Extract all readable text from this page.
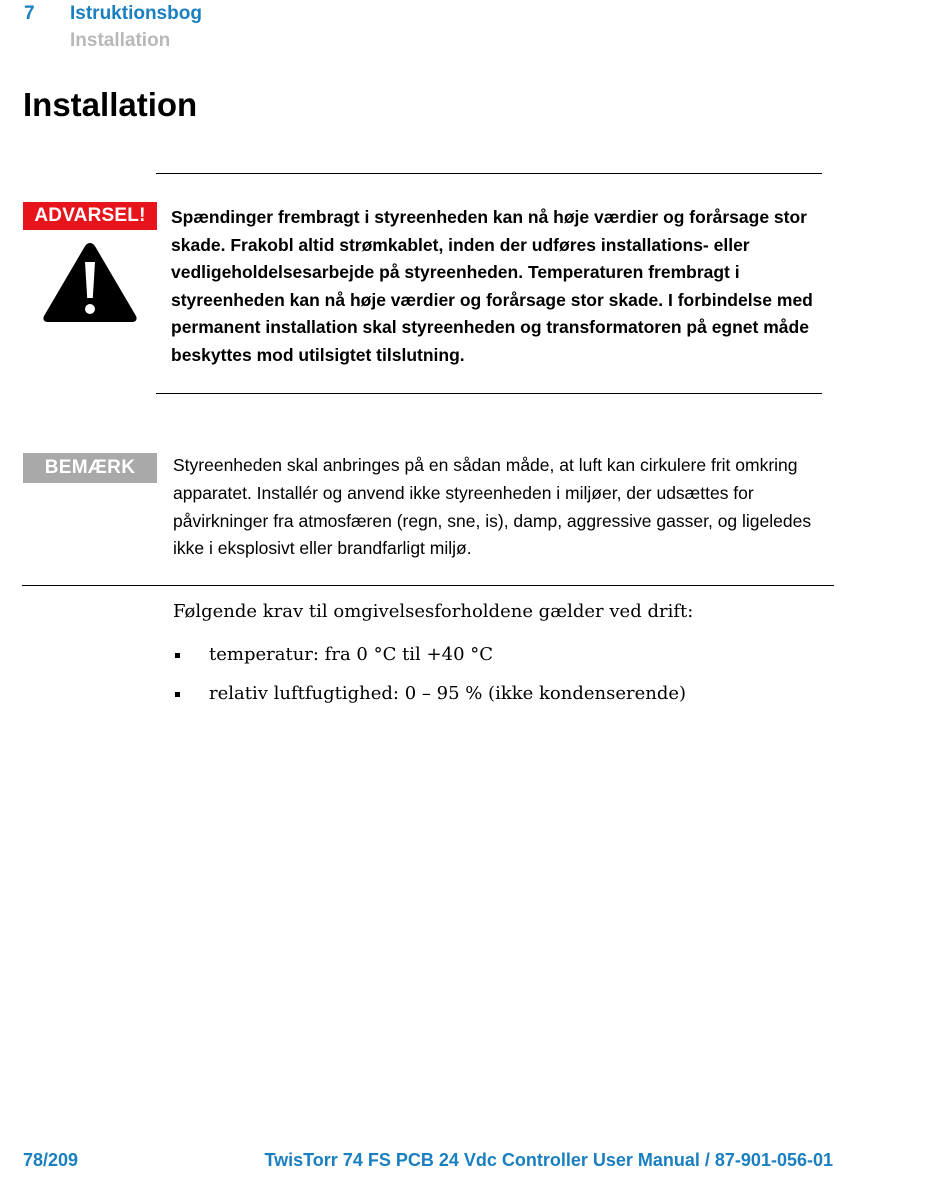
7 Istruktionsbog
Installation
Installation
ADVARSEL!	Spændinger frembragt i styreenheden kan nå høje værdier og forårsage stor skade. Frakobl altid strømkablet, inden der udføres installations- eller vedligeholdelsesarbejde på styreenheden. Temperaturen frembragt i styreenheden kan nå høje værdier og forårsage stor skade. I forbindelse med permanent installation skal styreenheden og transformatoren på egnet måde beskyttes mod utilsigtet tilslutning.

BEMÆRK	Styreenheden skal anbringes på en sådan måde, at luft kan cirkulere frit omkring apparatet. Installér og anvend ikke styreenheden i miljøer, der udsættes for påvirkninger fra atmosfæren (regn, sne, is), damp, aggressive gasser, og ligeledes ikke i eksplosivt eller brandfarligt miljø.

Følgende krav til omgivelsesforholdene gælder ved drift:

temperatur: fra 0 °C til +40 °C
relativ luftfugtighed: 0 – 95 % (ikke kondenserende)
78/209	TwisTorr 74 FS PCB 24 Vdc Controller User Manual / 87-901-056-01
